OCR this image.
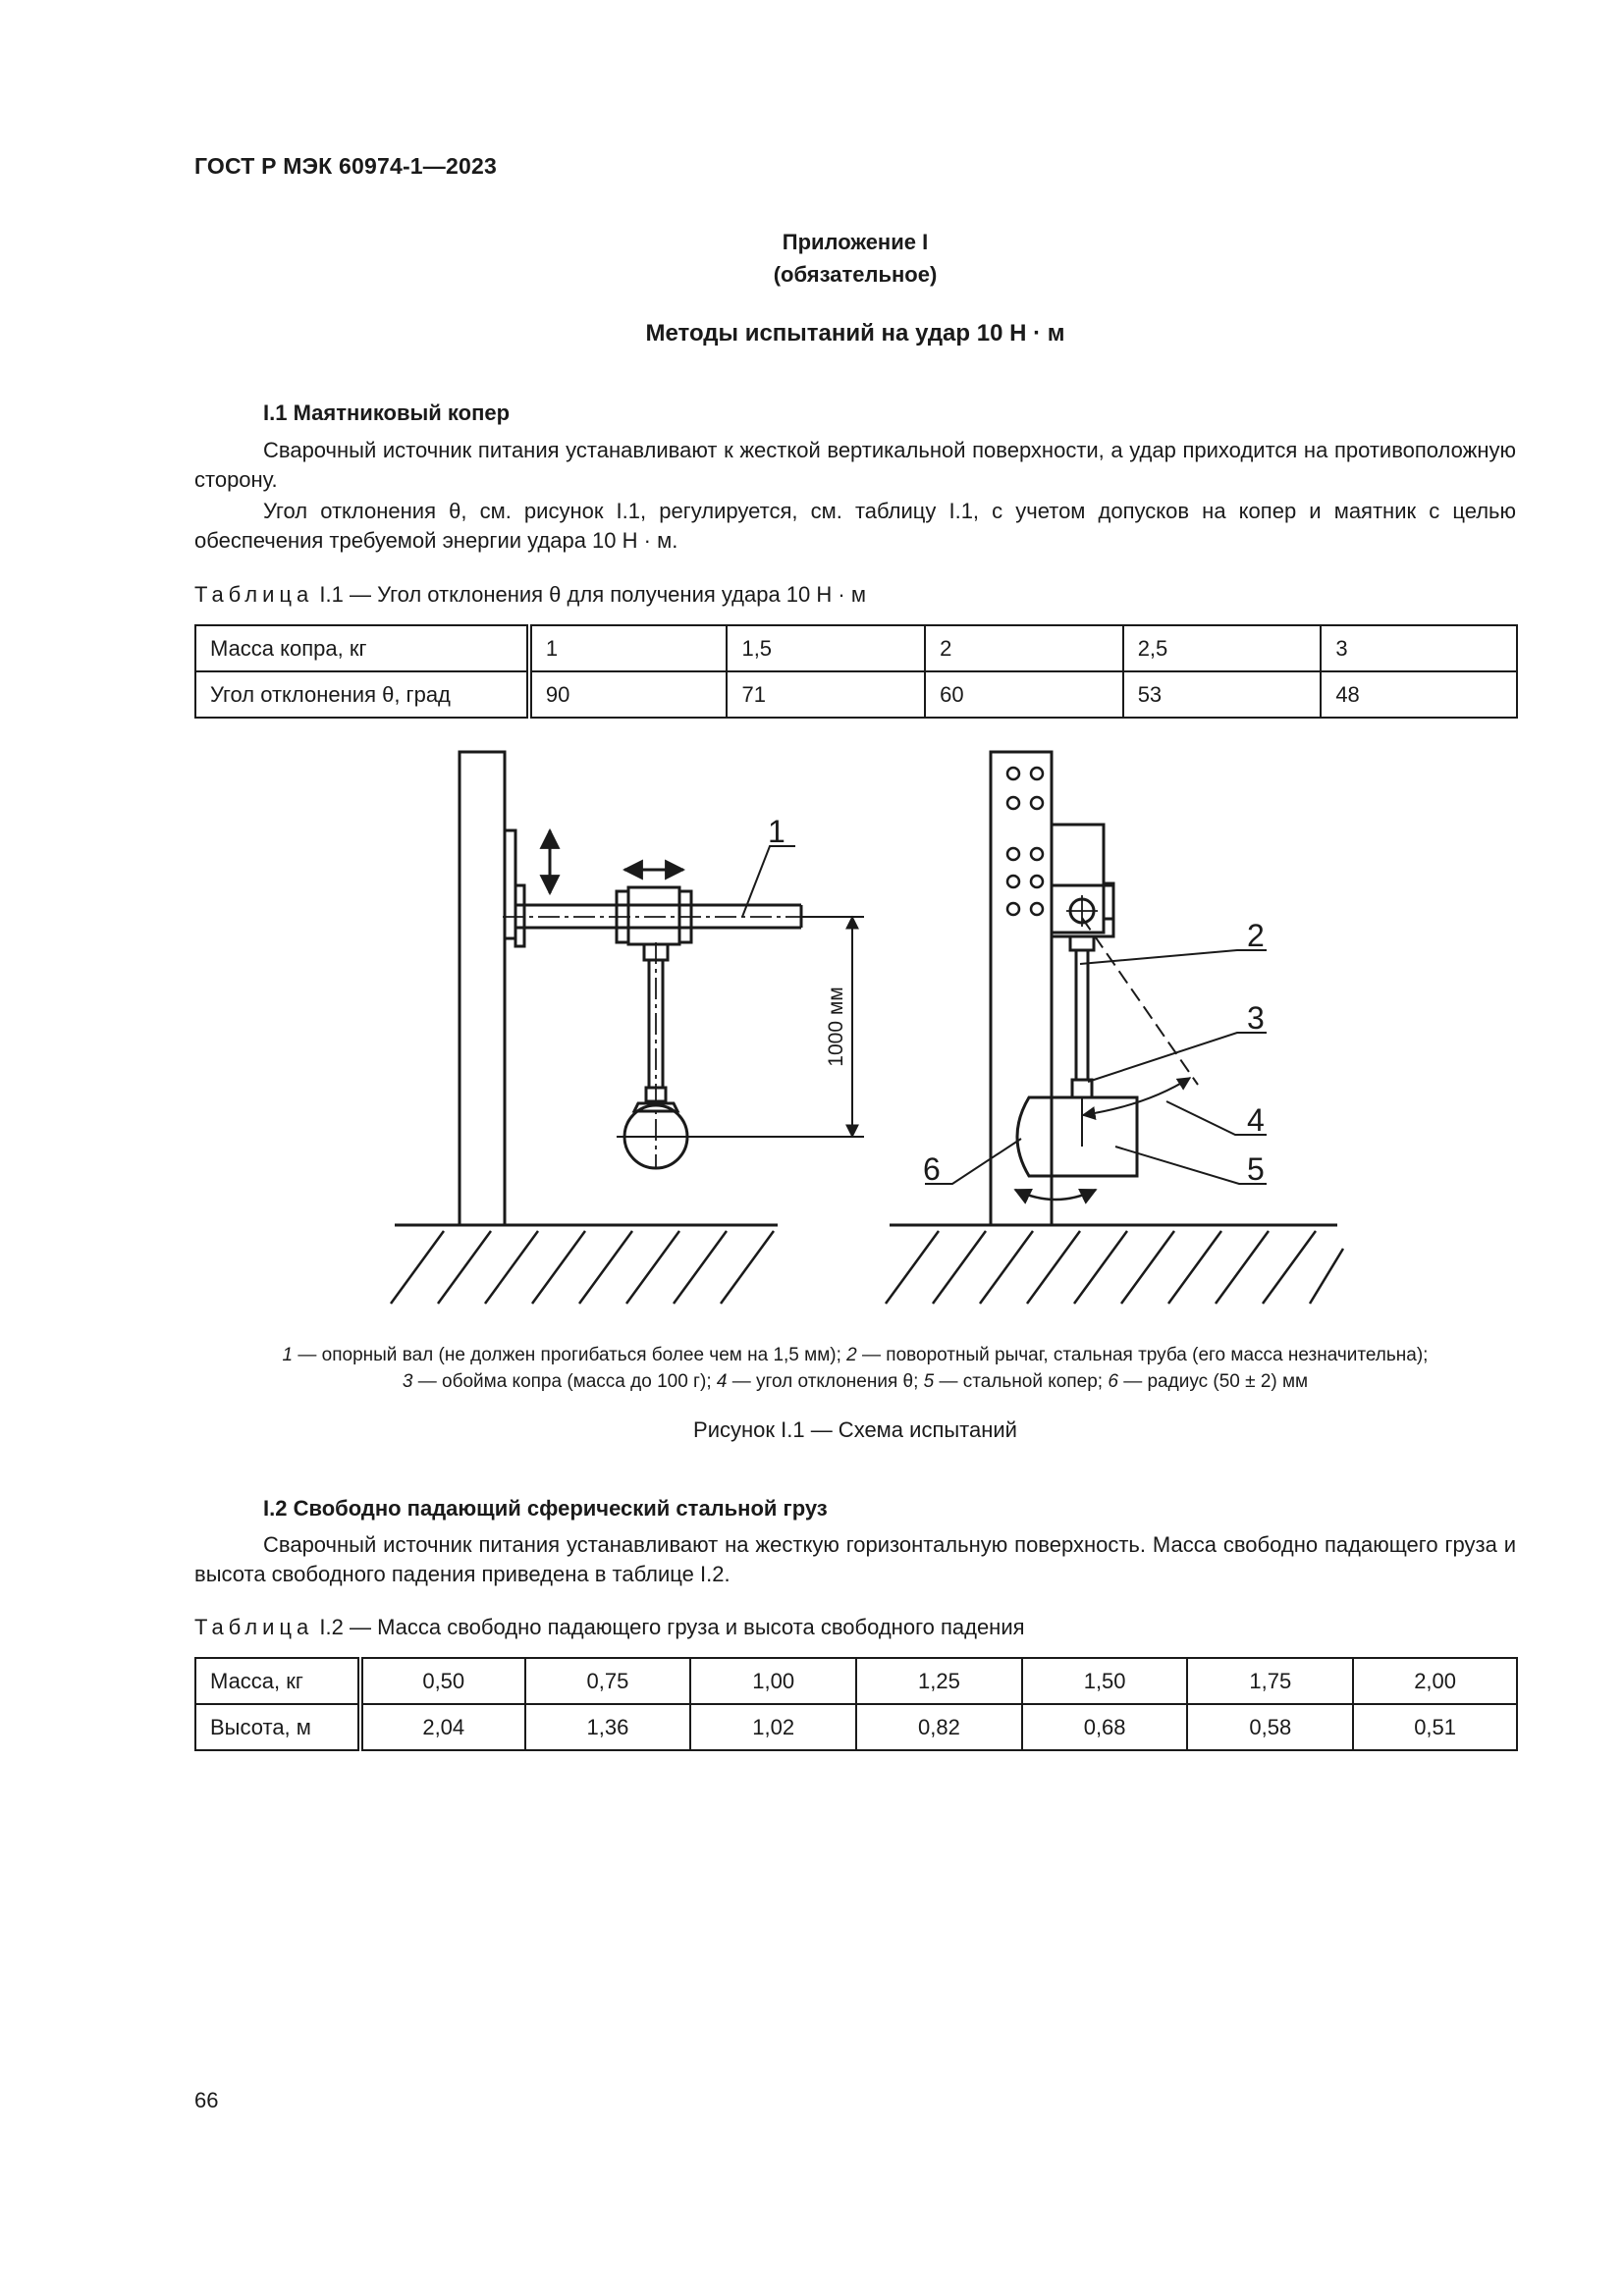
ГОСТ Р МЭК 60974-1—2023
Приложение I
(обязательное)
Методы испытаний на удар 10 Н · м
I.1 Маятниковый копер
Сварочный источник питания устанавливают к жесткой вертикальной поверхности, а удар приходится на противоположную сторону.
Угол отклонения θ, см. рисунок I.1, регулируется, см. таблицу I.1, с учетом допусков на копер и маятник с целью обеспечения требуемой энергии удара 10 Н · м.
Таблица I.1 — Угол отклонения θ для получения удара 10 Н · м
Масса копра, кг	1	1,5	2	2,5	3
Угол отклонения θ, град	90	71	60	53	48
1000 мм
1
2
3
4
5
6
1 — опорный вал (не должен прогибаться более чем на 1,5 мм); 2 — поворотный рычаг, стальная труба (его масса незначительна);
3 — обойма копра (масса до 100 г); 4 — угол отклонения θ; 5 — стальной копер; 6 — радиус (50 ± 2) мм
Рисунок I.1 — Схема испытаний
I.2 Свободно падающий сферический стальной груз
Сварочный источник питания устанавливают на жесткую горизонтальную поверхность. Масса свободно падающего груза и высота свободного падения приведена в таблице I.2.
Таблица I.2 — Масса свободно падающего груза и высота свободного падения
Масса, кг	0,50	0,75	1,00	1,25	1,50	1,75	2,00
Высота, м	2,04	1,36	1,02	0,82	0,68	0,58	0,51
66
